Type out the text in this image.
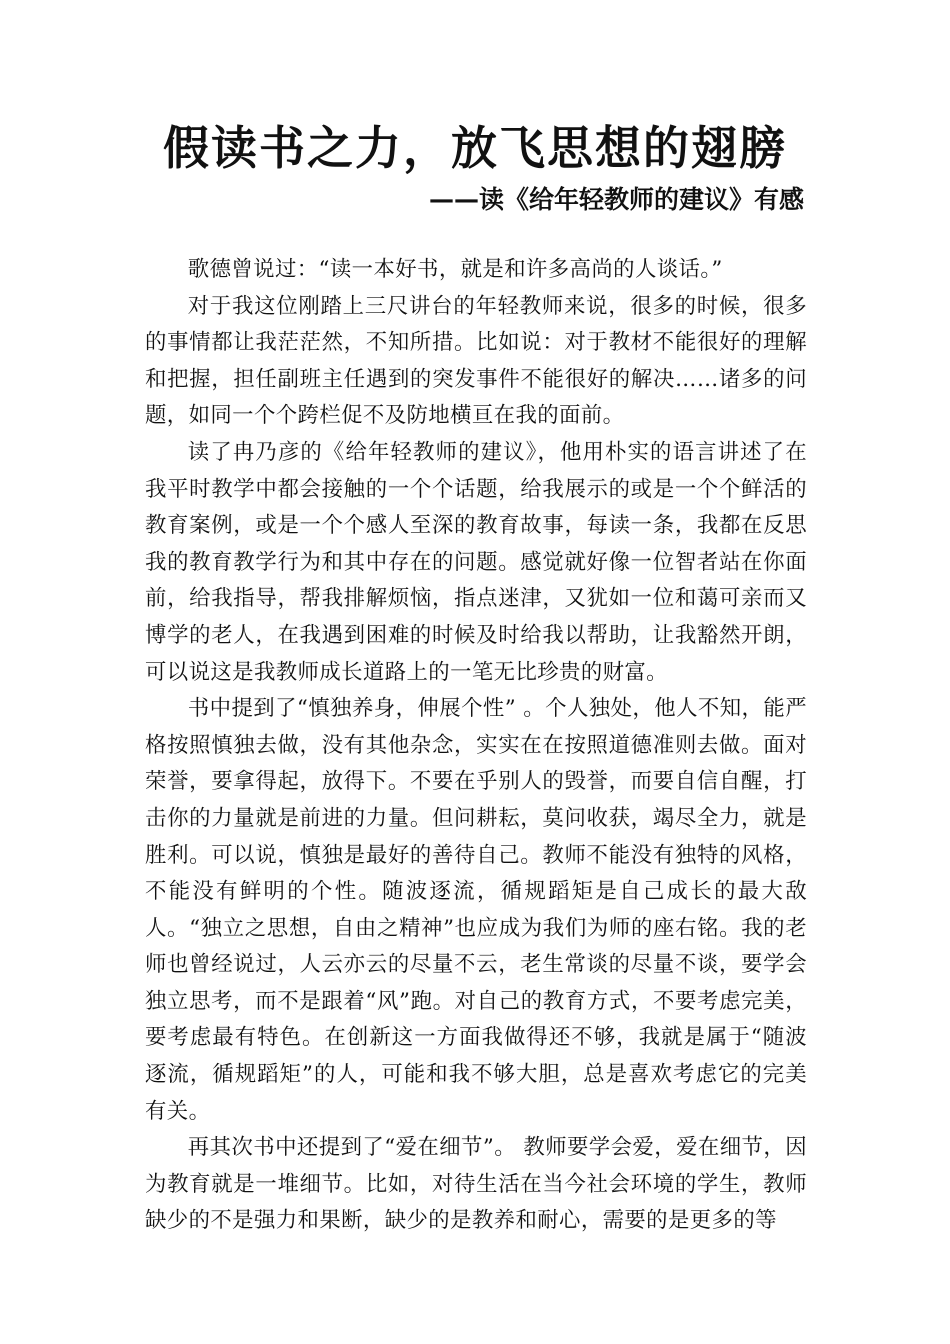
假读书之力，放飞思想的翅膀
——读《给年轻教师的建议》有感

歌德曾说过：“读一本好书，就是和许多高尚的人谈话。”

对于我这位刚踏上三尺讲台的年轻教师来说，很多的时候，很多的事情都让我茫茫然，不知所措。比如说：对于教材不能很好的理解和把握，担任副班主任遇到的突发事件不能很好的解决……诸多的问题，如同一个个跨栏促不及防地横亘在我的面前。

读了冉乃彦的《给年轻教师的建议》，他用朴实的语言讲述了在我平时教学中都会接触的一个个话题，给我展示的或是一个个鲜活的教育案例，或是一个个感人至深的教育故事，每读一条，我都在反思我的教育教学行为和其中存在的问题。感觉就好像一位智者站在你面前，给我指导，帮我排解烦恼，指点迷津，又犹如一位和蔼可亲而又博学的老人，在我遇到困难的时候及时给我以帮助，让我豁然开朗，可以说这是我教师成长道路上的一笔无比珍贵的财富。

书中提到了“慎独养身，伸展个性” 。个人独处，他人不知，能严格按照慎独去做，没有其他杂念，实实在在按照道德准则去做。面对荣誉，要拿得起，放得下。不要在乎别人的毁誉，而要自信自醒，打击你的力量就是前进的力量。但问耕耘，莫问收获，竭尽全力，就是胜利。可以说，慎独是最好的善待自己。教师不能没有独特的风格，不能没有鲜明的个性。随波逐流，循规蹈矩是自己成长的最大敌人。“独立之思想，自由之精神”也应成为我们为师的座右铭。我的老师也曾经说过，人云亦云的尽量不云，老生常谈的尽量不谈，要学会独立思考，而不是跟着“风”跑。对自己的教育方式，不要考虑完美，要考虑最有特色。在创新这一方面我做得还不够，我就是属于“随波逐流，循规蹈矩”的人，可能和我不够大胆，总是喜欢考虑它的完美有关。

再其次书中还提到了“爱在细节”。 教师要学会爱，爱在细节，因为教育就是一堆细节。比如，对待生活在当今社会环境的学生，教师缺少的不是强力和果断，缺少的是教养和耐心，需要的是更多的等
